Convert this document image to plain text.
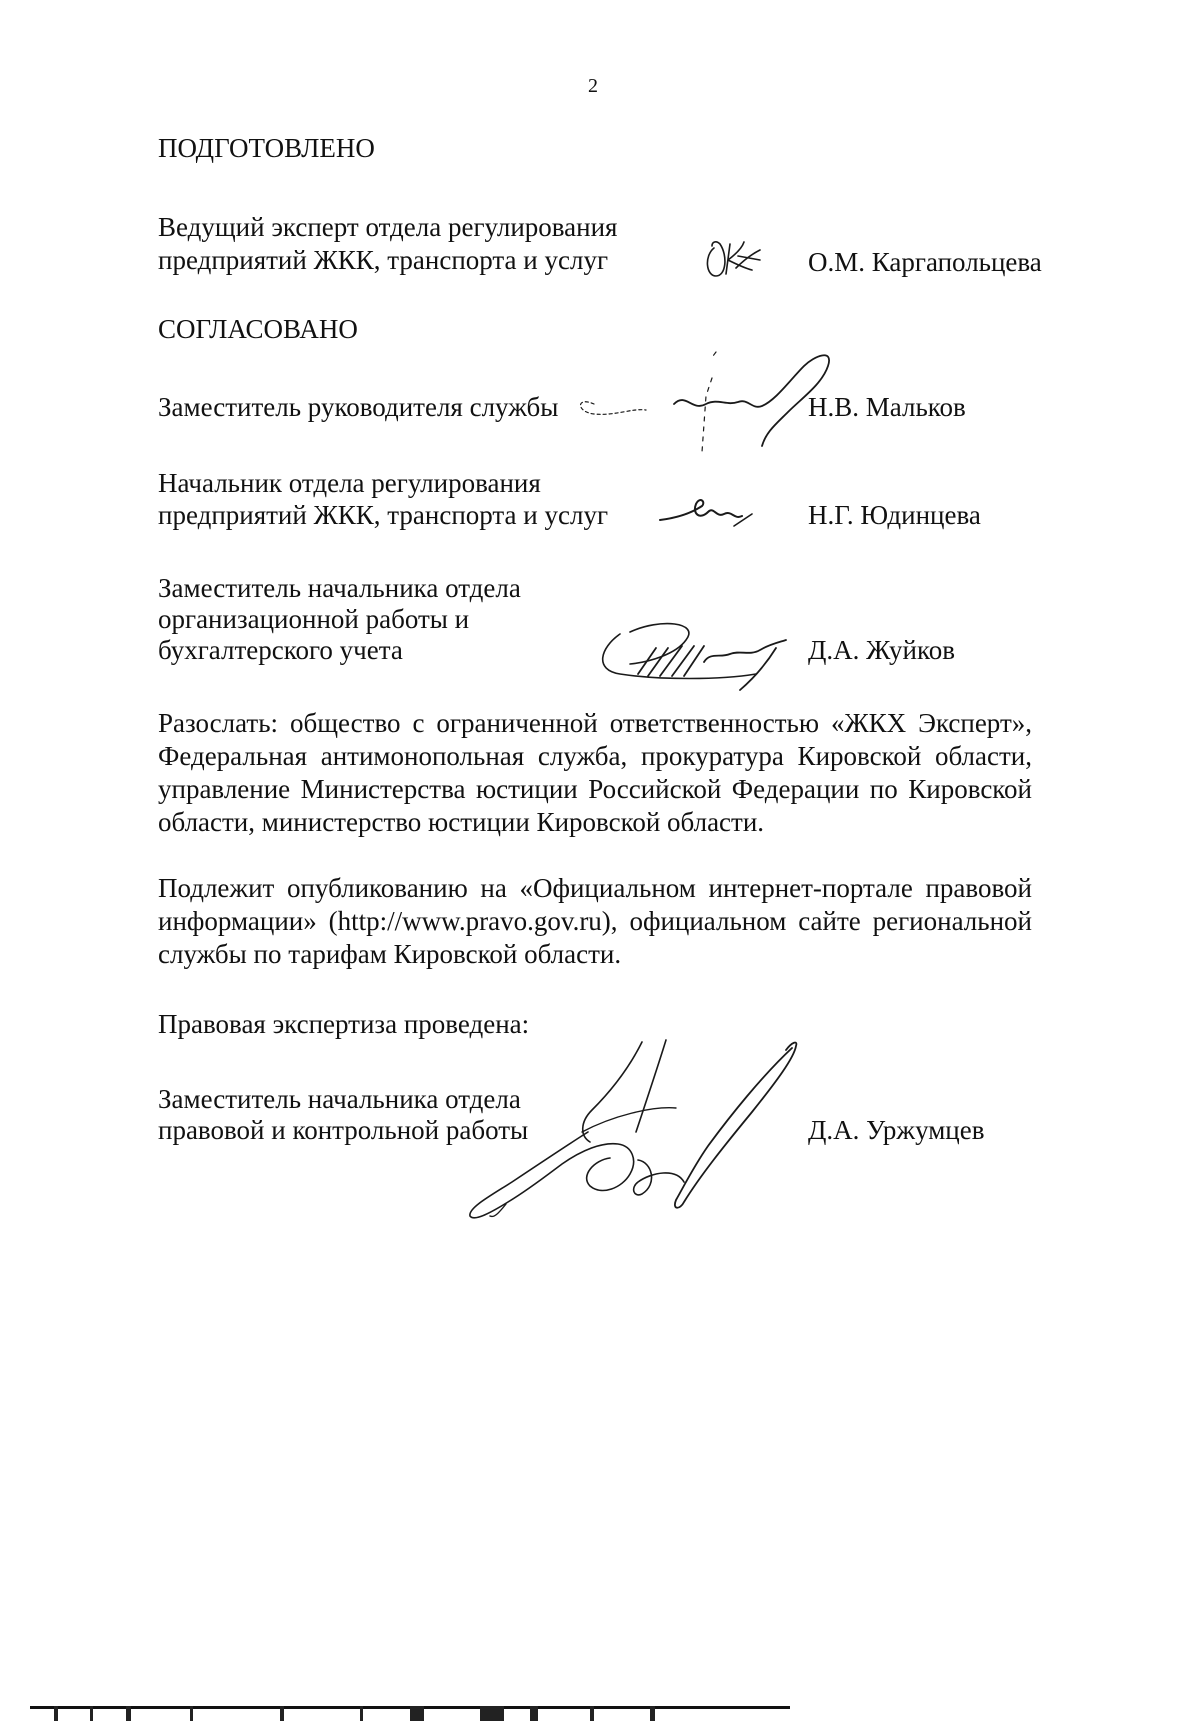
2
ПОДГОТОВЛЕНО
Ведущий эксперт отдела регулирования
предприятий ЖКК, транспорта и услуг	О.М. Каргапольцева
СОГЛАСОВАНО
Заместитель руководителя службы	Н.В. Мальков
Начальник отдела регулирования
предприятий ЖКК, транспорта и услуг	Н.Г. Юдинцева
Заместитель начальника отдела
организационной работы и
бухгалтерского учета	Д.А. Жуйков
Разослать: общество с ограниченной ответственностью «ЖКХ Эксперт», Федеральная антимонопольная служба, прокуратура Кировской области, управление Министерства юстиции Российской Федерации по Кировской области, министерство юстиции Кировской области.
Подлежит опубликованию на «Официальном интернет-портале правовой информации» (http://www.pravo.gov.ru), официальном сайте региональной службы по тарифам Кировской области.
Правовая экспертиза проведена:
Заместитель начальника отдела
правовой и контрольной работы	Д.А. Уржумцев
